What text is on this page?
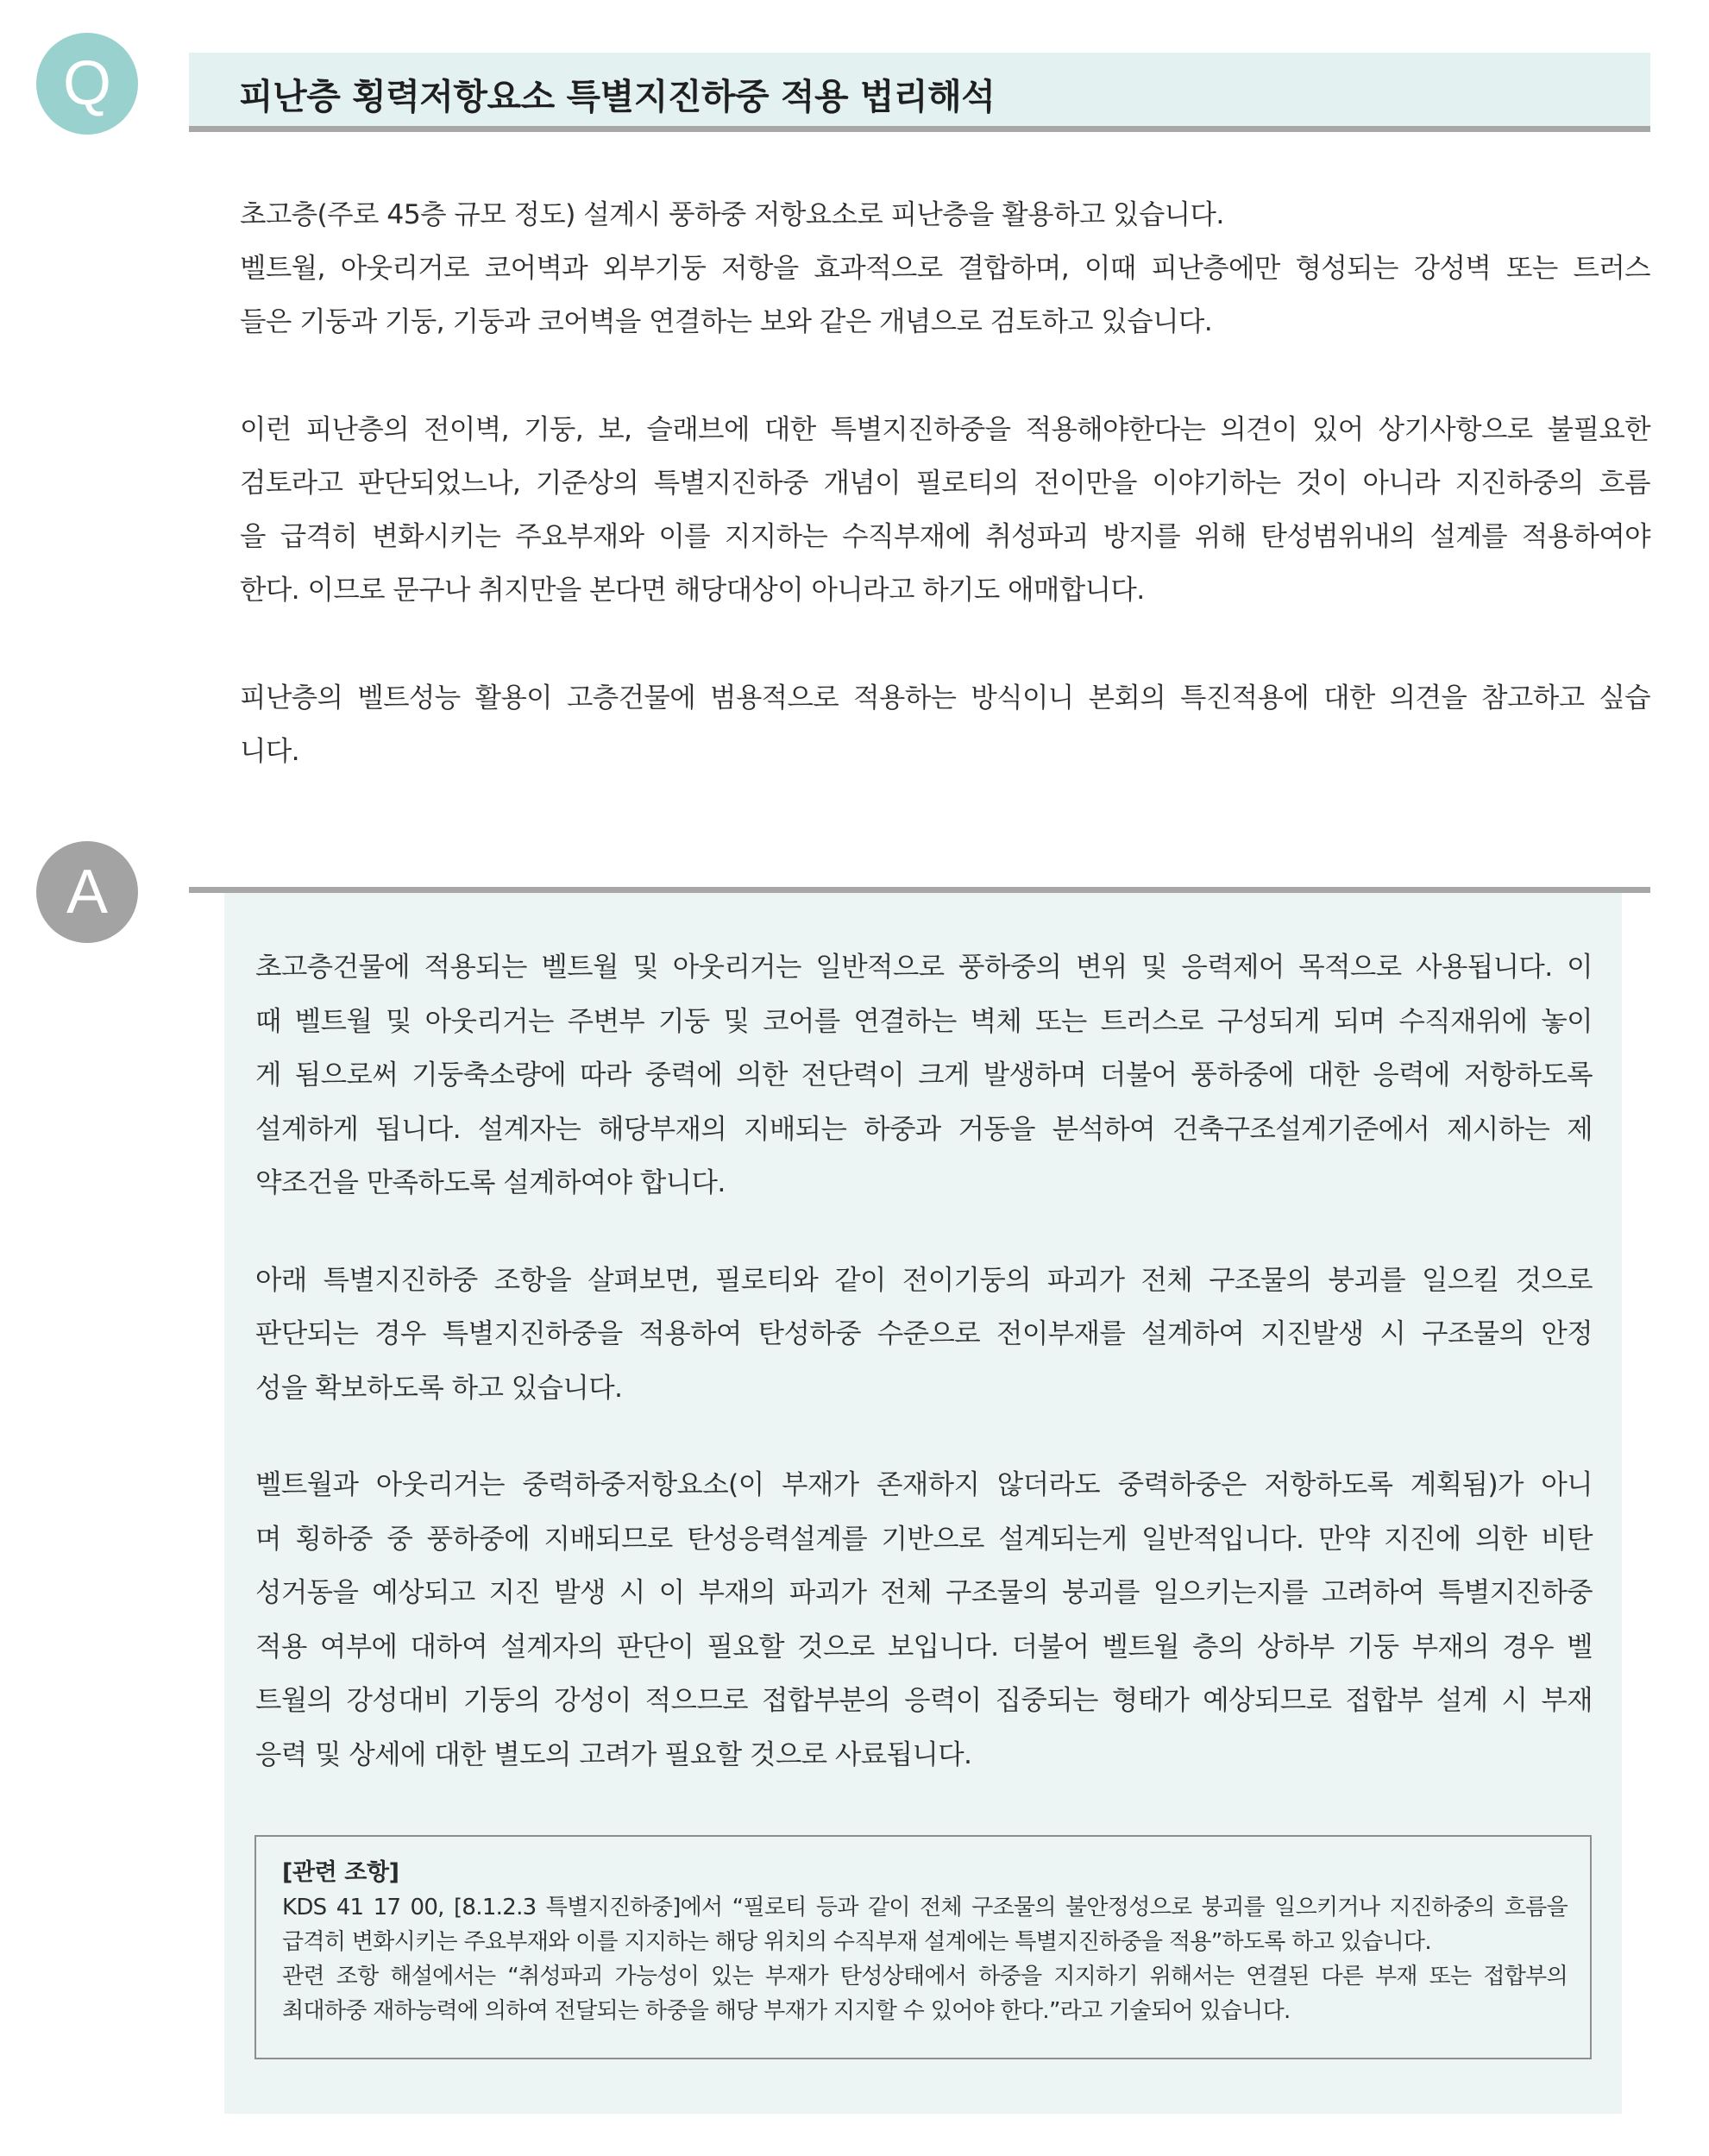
Q	피난층 횡력저항요소 특별지진하중 적용 법리해석

초고층(주로 45층 규모 정도) 설계시 풍하중 저항요소로 피난층을 활용하고 있습니다.
벨트월, 아웃리거로 코어벽과 외부기둥 저항을 효과적으로 결합하며, 이때 피난층에만 형성되는 강성벽 또는 트러스
들은 기둥과 기둥, 기둥과 코어벽을 연결하는 보와 같은 개념으로 검토하고 있습니다.

이런 피난층의 전이벽, 기둥, 보, 슬래브에 대한 특별지진하중을 적용해야한다는 의견이 있어 상기사항으로 불필요한
검토라고 판단되었느나, 기준상의 특별지진하중 개념이 필로티의 전이만을 이야기하는 것이 아니라 지진하중의 흐름
을 급격히 변화시키는 주요부재와 이를 지지하는 수직부재에 취성파괴 방지를 위해 탄성범위내의 설계를 적용하여야
한다. 이므로 문구나 취지만을 본다면 해당대상이 아니라고 하기도 애매합니다.

피난층의 벨트성능 활용이 고층건물에 범용적으로 적용하는 방식이니 본회의 특진적용에 대한 의견을 참고하고 싶습
니다.

A

초고층건물에 적용되는 벨트월 및 아웃리거는 일반적으로 풍하중의 변위 및 응력제어 목적으로 사용됩니다. 이
때 벨트월 및 아웃리거는 주변부 기둥 및 코어를 연결하는 벽체 또는 트러스로 구성되게 되며 수직재위에 놓이
게 됨으로써 기둥축소량에 따라 중력에 의한 전단력이 크게 발생하며 더불어 풍하중에 대한 응력에 저항하도록
설계하게 됩니다. 설계자는 해당부재의 지배되는 하중과 거동을 분석하여 건축구조설계기준에서 제시하는 제
약조건을 만족하도록 설계하여야 합니다.

아래 특별지진하중 조항을 살펴보면, 필로티와 같이 전이기둥의 파괴가 전체 구조물의 붕괴를 일으킬 것으로
판단되는 경우 특별지진하중을 적용하여 탄성하중 수준으로 전이부재를 설계하여 지진발생 시 구조물의 안정
성을 확보하도록 하고 있습니다.

벨트월과 아웃리거는 중력하중저항요소(이 부재가 존재하지 않더라도 중력하중은 저항하도록 계획됨)가 아니
며 횡하중 중 풍하중에 지배되므로 탄성응력설계를 기반으로 설계되는게 일반적입니다. 만약 지진에 의한 비탄
성거동을 예상되고 지진 발생 시 이 부재의 파괴가 전체 구조물의 붕괴를 일으키는지를 고려하여 특별지진하중
적용 여부에 대하여 설계자의 판단이 필요할 것으로 보입니다. 더불어 벨트월 층의 상하부 기둥 부재의 경우 벨
트월의 강성대비 기둥의 강성이 적으므로 접합부분의 응력이 집중되는 형태가 예상되므로 접합부 설계 시 부재
응력 및 상세에 대한 별도의 고려가 필요할 것으로 사료됩니다.

[관련 조항]

KDS 41 17 00, [8.1.2.3 특별지진하중]에서 “필로티 등과 같이 전체 구조물의 불안정성으로 붕괴를 일으키거나 지진하중의 흐름을
급격히 변화시키는 주요부재와 이를 지지하는 해당 위치의 수직부재 설계에는 특별지진하중을 적용”하도록 하고 있습니다.
관련 조항 해설에서는 “취성파괴 가능성이 있는 부재가 탄성상태에서 하중을 지지하기 위해서는 연결된 다른 부재 또는 접합부의
최대하중 재하능력에 의하여 전달되는 하중을 해당 부재가 지지할 수 있어야 한다.”라고 기술되어 있습니다.
